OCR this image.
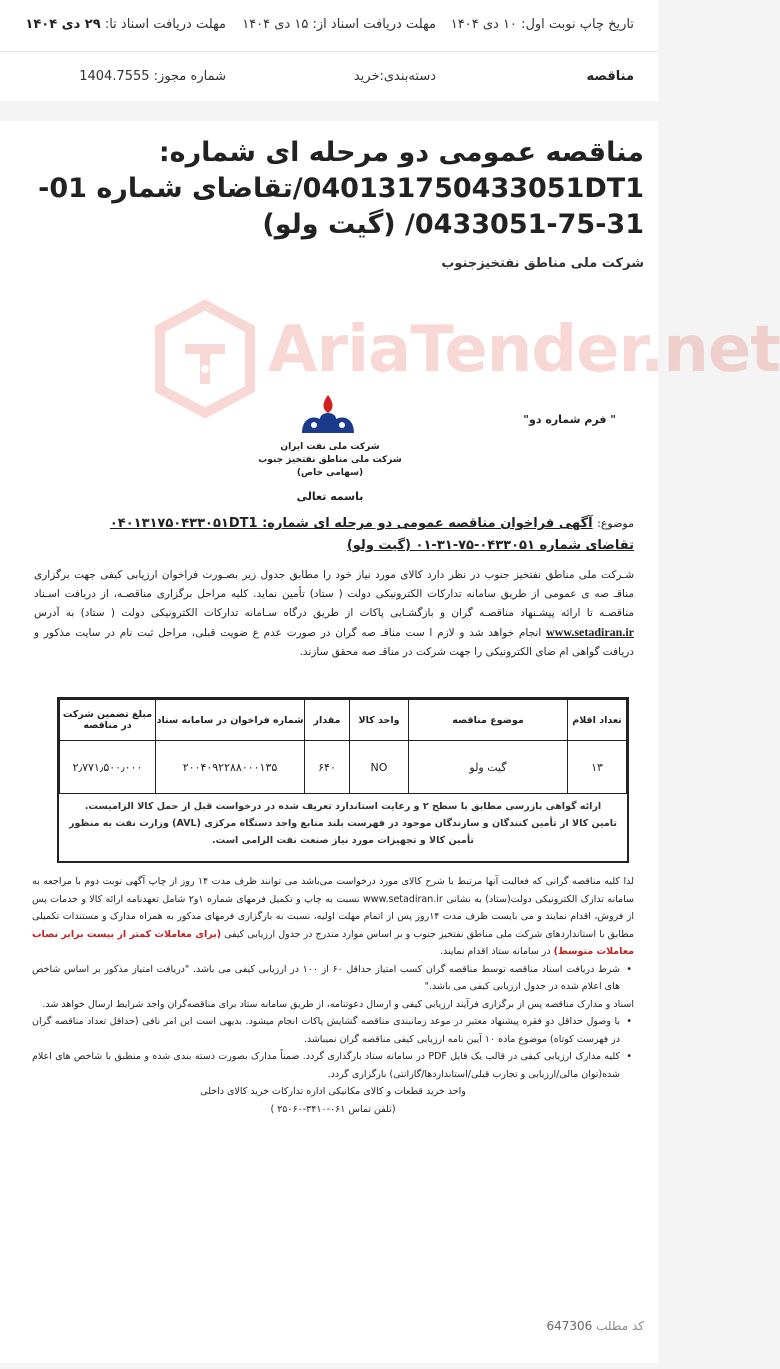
تاریخ چاپ نوبت اول: ۱۰ دی ۱۴۰۴
مهلت دریافت اسناد از: ۱۵ دی ۱۴۰۴
مهلت دریافت اسناد تا: ۲۹ دی ۱۴۰۴
مناقصه
دسته‌بندی:خرید
شماره مجوز: 1404.7555
مناقصه عمومی دو مرحله ای شماره: 040131750433051DT1/تقاضای شماره 01-31-75-0433051/ (گیت ولو)
شرکت ملی مناطق نفتخیزجنوب
AriaTender.net
" فرم شماره دو"
شرکت ملی نفت ایران
شرکت ملی مناطق نفتخیز جنوب (سهامی خاص)
باسمه تعالی
موضوع: آگهی فراخوان مناقصه عمومی دو مرحله ای شماره: ۰۴۰۱۳۱۷۵۰۴۳۳۰۵۱DT1
تقاضای شماره ۰۴۳۳۰۵۱-۷۵-۳۱-۰۱ (گیت ولو)
شـرکت ملی مناطق نفتخیز جنوب در نظر دارد کالای مورد نیاز خود را مطابق جدول زیر بصـورت فراخوان ارزیابی کیفی جهت برگزاری مناقـ صه ی عمومی از طریق سامانه تدارکات الکترونیکی دولت ( ستاد) تأمین نماید. کلیه مراحل برگزاری مناقصـه، از دریافت اسـناد مناقصـه تا ارائه پیشـنهاد مناقصـه گران و بازگشـایی پاکات از طریق درگاه سـامانه تدارکات الکترونیکی دولت ( ستاد) به آدرس www.setadiran.ir انجام خواهد شد و لازم ا ست مناقـ صه گران در صورت عدم ع ضویت قبلی، مراحل ثبت نام در سایت مذکور و دریافت گواهی ام ضای الکترونیکی را جهت شرکت در مناقـ صه محقق سازند.
تعداد اقلام	موضوع مناقصه	واحد کالا	مقدار	شماره فراخوان در سامانه ستاد	مبلغ تضمین شرکت در مناقصه
۱۳	گیت ولو	NO	۶۴۰	۲۰۰۴۰۹۲۲۸۸۰۰۰۱۳۵	۲٫۷۷۱٫۵۰۰٫۰۰۰
ارائه گواهی بازرسی مطابق با سطح ۲ و رعایت استاندارد تعریف شده در درخواست قبل از حمل کالا الزامیست.
تامین کالا از تأمین کنندگان و سازندگان موجود در فهرست بلند منابع واجد دستگاه مرکزی (AVL) وزارت نفت به منظور تأمین کالا و تجهیزات مورد نیاز صنعت نفت الزامی است.

لذا کلیه مناقصه گرانی که فعالیت آنها مرتبط با شرح کالای مورد درخواست می‌باشد می توانند ظرف مدت ۱۴ روز از چاپ آگهی نوبت دوم با مراجعه به سامانه تدارک الکترونیکی دولت(ستاد) به نشانی www.setadiran.ir نسبت به چاپ و تکمیل فرمهای شماره ۱و۲ شامل تعهدنامه ارائه کالا و خدمات پس از فروش، اقدام نمایند و می بایست ظرف مدت ۱۴روز پس از اتمام مهلت اولیه، نسبت به بارگزاری فرمهای مذکور به همراه مدارک و مستندات تکمیلی مطابق با استانداردهای شرکت ملی مناطق نفتخیز جنوب و بر اساس موارد مندرج در جدول ارزیابی کیفی (برای معاملات کمتر از بیست برابر نصاب معاملات متوسط) در سامانه ستاد اقدام نمایند.

• شرط دریافت اسناد مناقصه توسط مناقصه گران کسب امتیاز حداقل ۶۰ از ۱۰۰ در ارزیابی کیفی می باشد. "دریافت امتیاز مذکور بر اساس شاخص های اعلام شده در جدول ارزیابی کیفی می باشد."

اسناد و مدارک مناقصه پس از برگزاری فرآیند ارزیابی کیفی و ارسال دعوتنامه، از طریق سامانه ستاد برای مناقصه‌گران واجد شرایط ارسال خواهد شد.

• با وصول حداقل دو فقره پیشنهاد معتبر در موعد زمانبندی مناقصه گشایش پاکات انجام میشود. بدیهی است این امر نافی (حداقل تعداد مناقصه گران در فهرست کوتاه) موضوع ماده ۱۰ آیین نامه ارزیابی کیفی مناقصه گران نمیباشد.

• کلیه مدارک ارزیابی کیفی در قالب یک فایل PDF در سامانه ستاد بارگذاری گردد. ضمناً مدارک بصورت دسته بندی شده و منطبق با شاخص های اعلام شده(توان مالی/ارزیابی و تجارب قبلی/استانداردها/گارانتی) بارگزاری گردد.

واحد خرید قطعات و کالای مکانیکی اداره تدارکات خرید کالای داخلی

(تلفن تماس ۰۶۱-۳۴۱۰-۲۵۰۶۰ )

کد مطلب 647306
